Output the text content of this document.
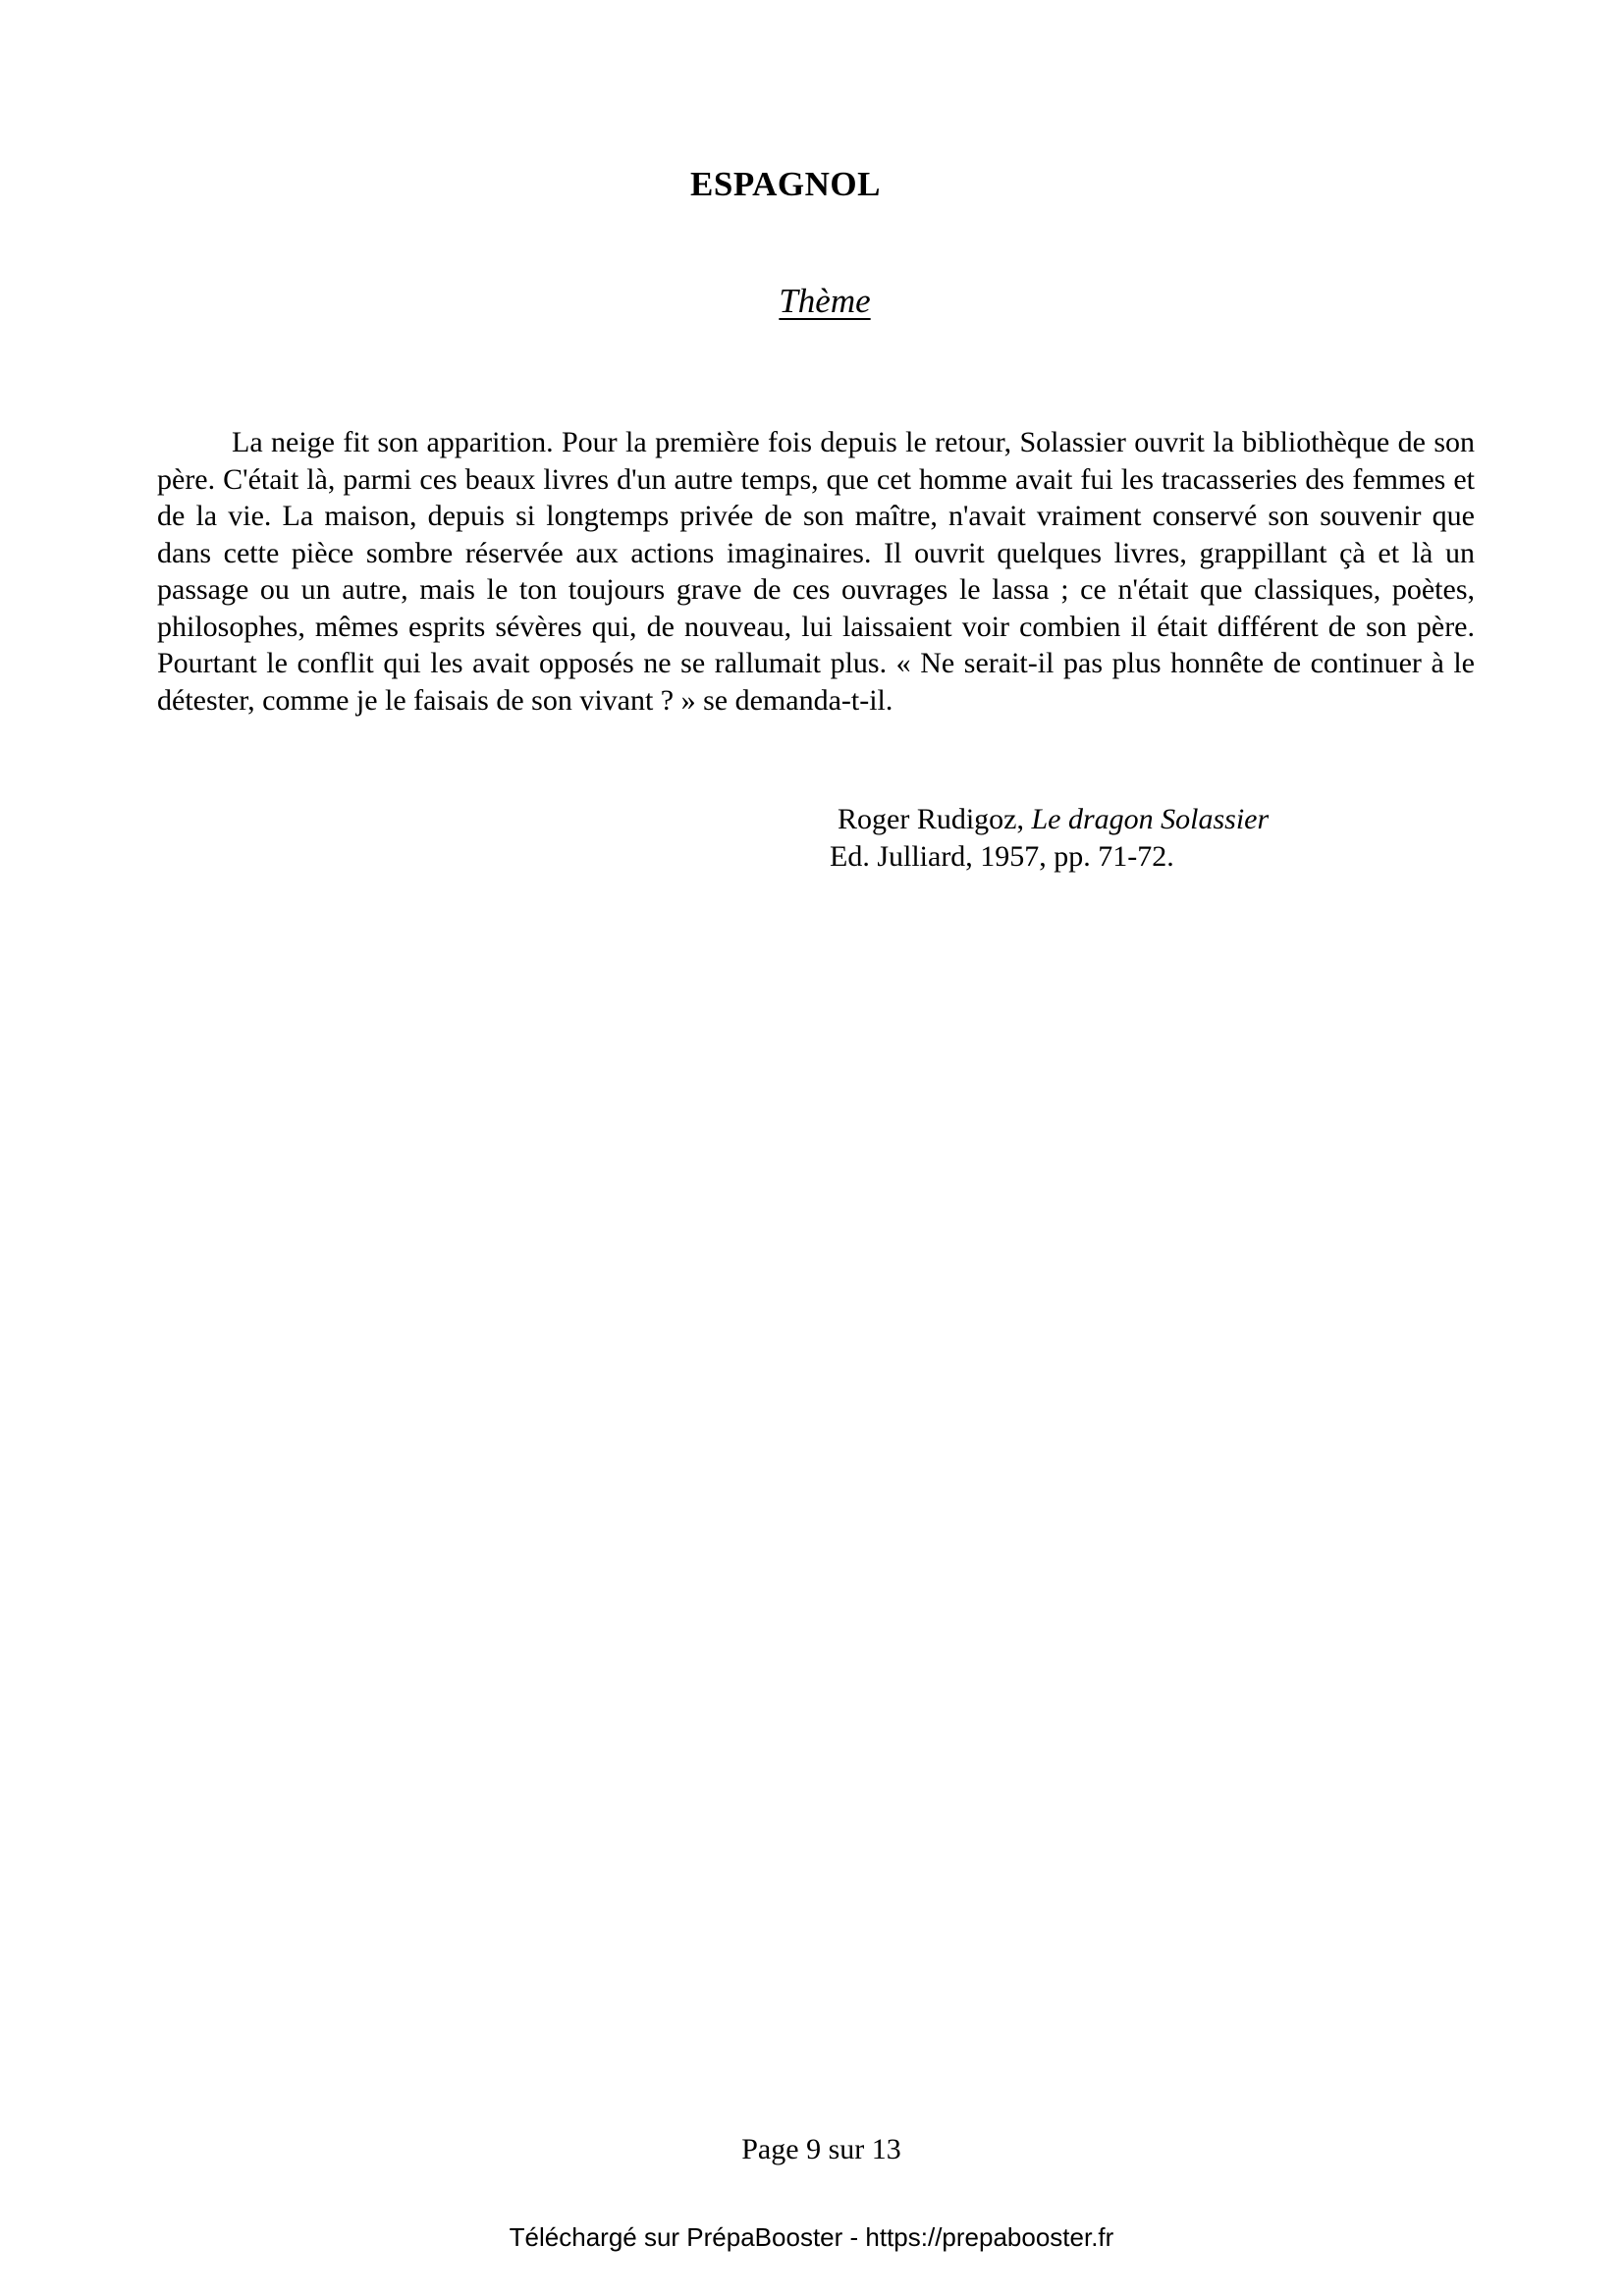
ESPAGNOL
Thème

La neige fit son apparition. Pour la première fois depuis le retour, Solassier ouvrit la bibliothèque de son père. C'était là, parmi ces beaux livres d'un autre temps, que cet homme avait fui les tracasseries des femmes et de la vie. La maison, depuis si longtemps privée de son maître, n'avait vraiment conservé son souvenir que dans cette pièce sombre réservée aux actions imaginaires. Il ouvrit quelques livres, grappillant çà et là un passage ou un autre, mais le ton toujours grave de ces ouvrages le lassa ; ce n'était que classiques, poètes, philosophes, mêmes esprits sévères qui, de nouveau, lui laissaient voir combien il était différent de son père. Pourtant le conflit qui les avait opposés ne se rallumait plus. « Ne serait-il pas plus honnête de continuer à le détester, comme je le faisais de son vivant ? » se demanda-t-il.

Roger Rudigoz, Le dragon Solassier
Ed. Julliard, 1957, pp. 71-72.
Page 9 sur 13
Téléchargé sur PrépaBooster - https://prepabooster.fr
